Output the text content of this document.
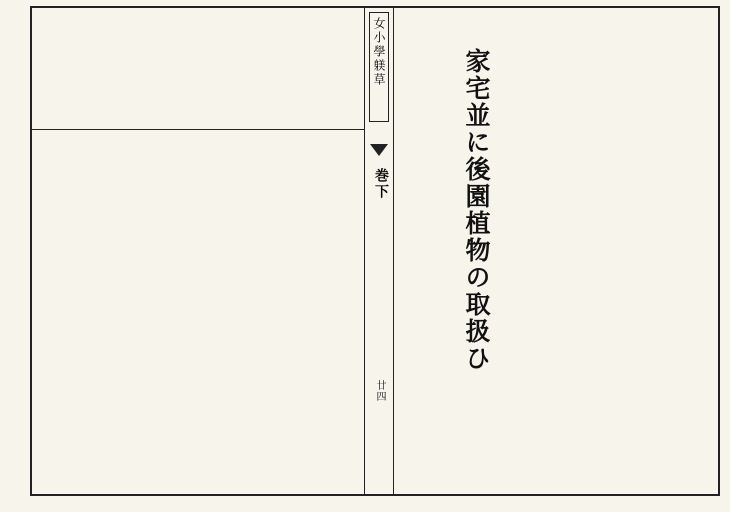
女小學躾草
巻下
廿四
家宅並に後園植物の取扱ひ
